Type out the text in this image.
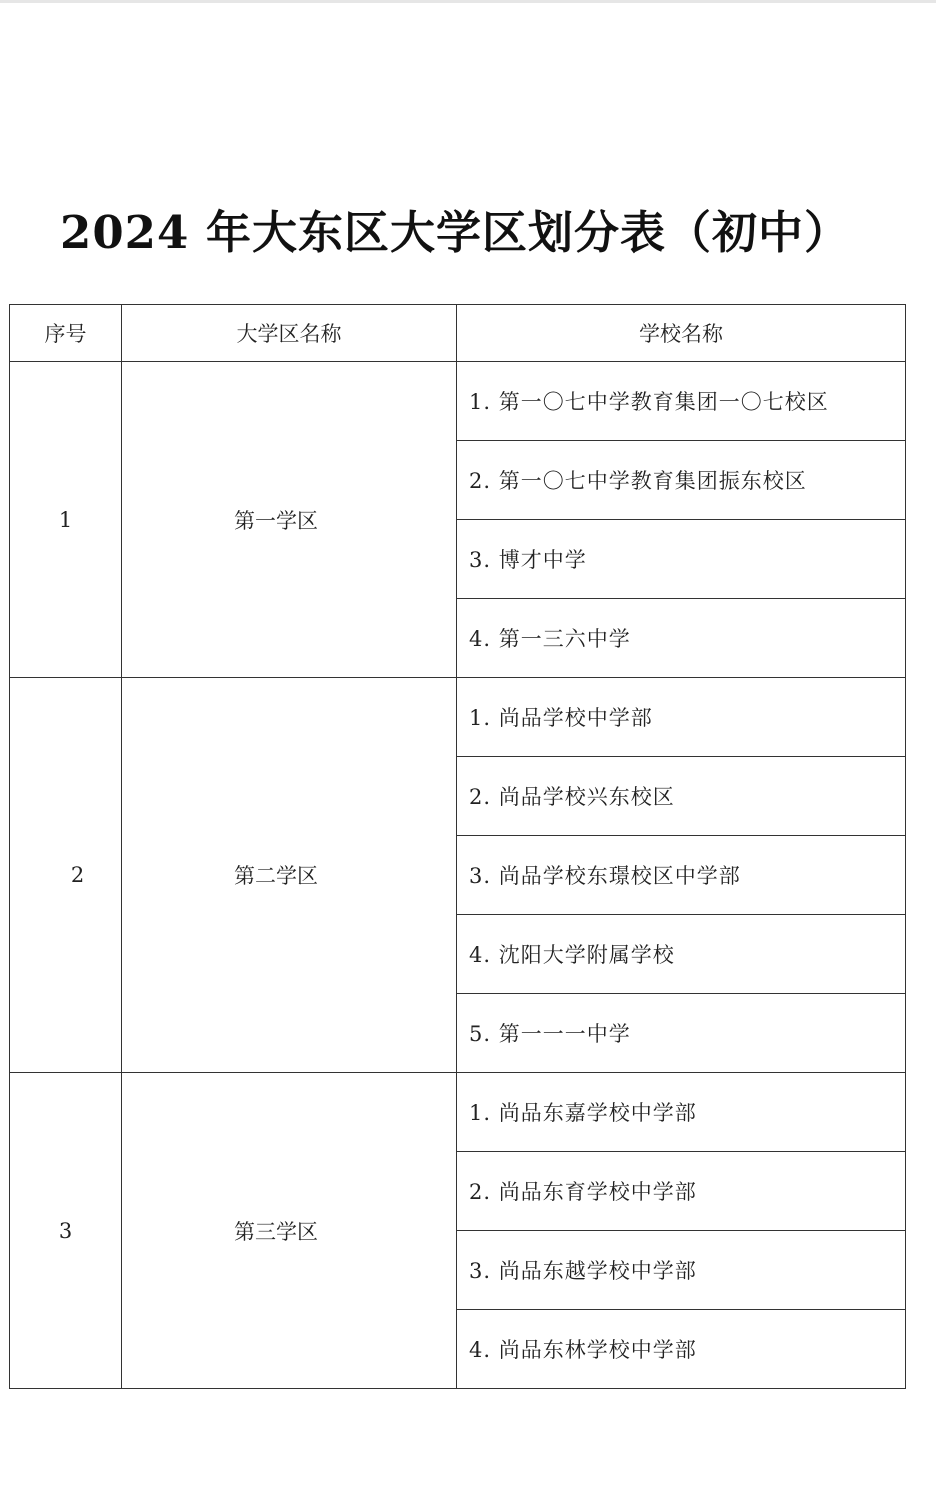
2024 年大东区大学区划分表（初中）
序号	大学区名称	学校名称
1	第一学区	1. 第一〇七中学教育集团一〇七校区
		2. 第一〇七中学教育集团振东校区
		3. 博才中学
		4. 第一三六中学
2	第二学区	1. 尚品学校中学部
		2. 尚品学校兴东校区
		3. 尚品学校东璟校区中学部
		4. 沈阳大学附属学校
		5. 第一一一中学
3	第三学区	1. 尚品东嘉学校中学部
		2. 尚品东育学校中学部
		3. 尚品东越学校中学部
		4. 尚品东林学校中学部
